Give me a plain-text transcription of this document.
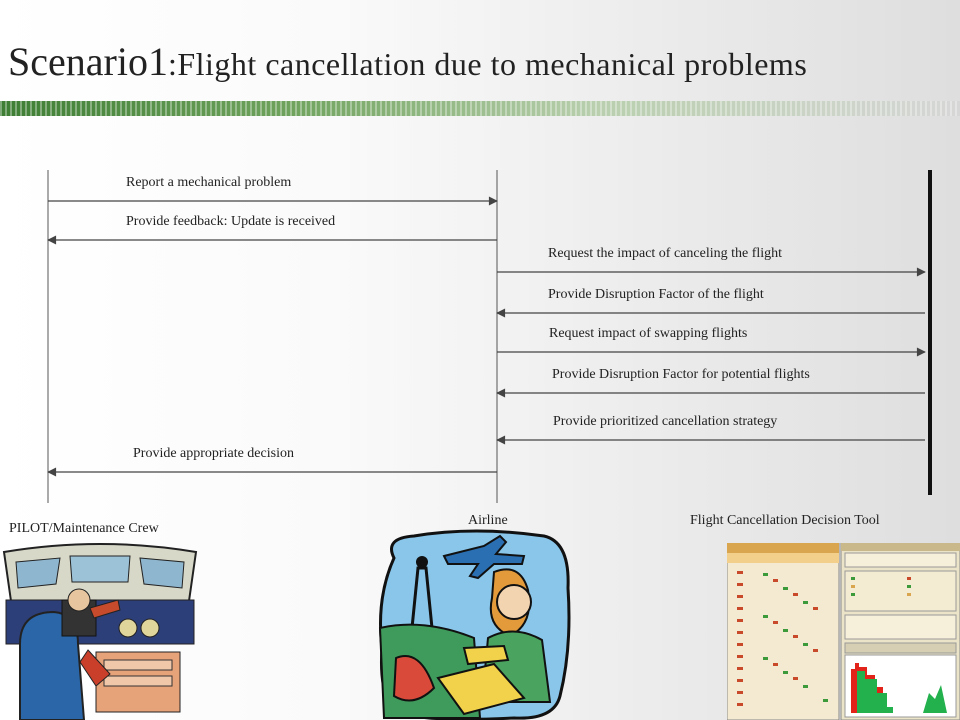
Scenario1:Flight cancellation due to mechanical problems
Report a mechanical problem
Provide feedback: Update is received
Request the impact of canceling the flight
Provide Disruption Factor of the flight
Request impact of swapping flights
Provide Disruption Factor for potential flights
Provide prioritized cancellation strategy
Provide appropriate decision
PILOT/Maintenance Crew
Airline	Flight Cancellation Decision Tool
